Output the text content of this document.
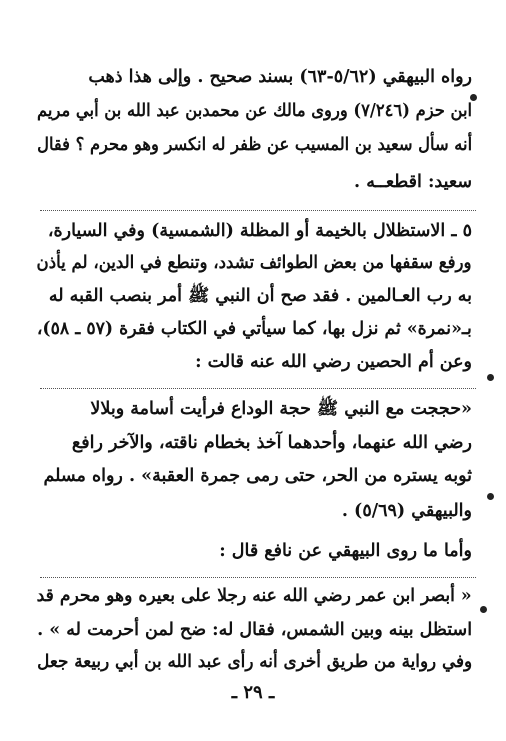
رواه البيهقي (٥/٦٢-٦٣) بسند صحيح . وإلى هذا ذهب
ابن حزم (٧/٢٤٦) وروى مالك عن محمدبن عبد الله بن أبي مريم
أنه سأل سعيد بن المسيب عن ظفر له انكسر وهو محرم ؟ فقال
سعيد: اقطعــه .
٥ ـ الاستظلال بالخيمة أو المظلة (الشمسية) وفي السيارة،
ورفع سقفها من بعض الطوائف تشدد، وتنطع في الدين، لم يأذن
به رب العـالمين . فقد صح أن النبي ﷺ أمر بنصب القبه له
بـ«نمرة» ثم نزل بها، كما سيأتي في الكتاب فقرة (٥٧ ـ ٥٨)،
وعن أم الحصين رضي الله عنه قالت :
«حججت مع النبي ﷺ حجة الوداع فرأيت أسامة وبلالا
رضي الله عنهما، وأحدهما آخذ بخطام ناقته، والآخر رافع
ثوبه يستره من الحر، حتى رمى جمرة العقبة» . رواه مسلم
والبيهقي (٥/٦٩) .
وأما ما روى البيهقي عن نافع قال :
« أبصر ابن عمر رضي الله عنه رجلا على بعيره وهو محرم قد
استظل بينه وبين الشمس، فقال له: ضح لمن أحرمت له » .
وفي رواية من طريق أخرى أنه رأى عبد الله بن أبي ربيعة جعل
ـ ٢٩ ـ
